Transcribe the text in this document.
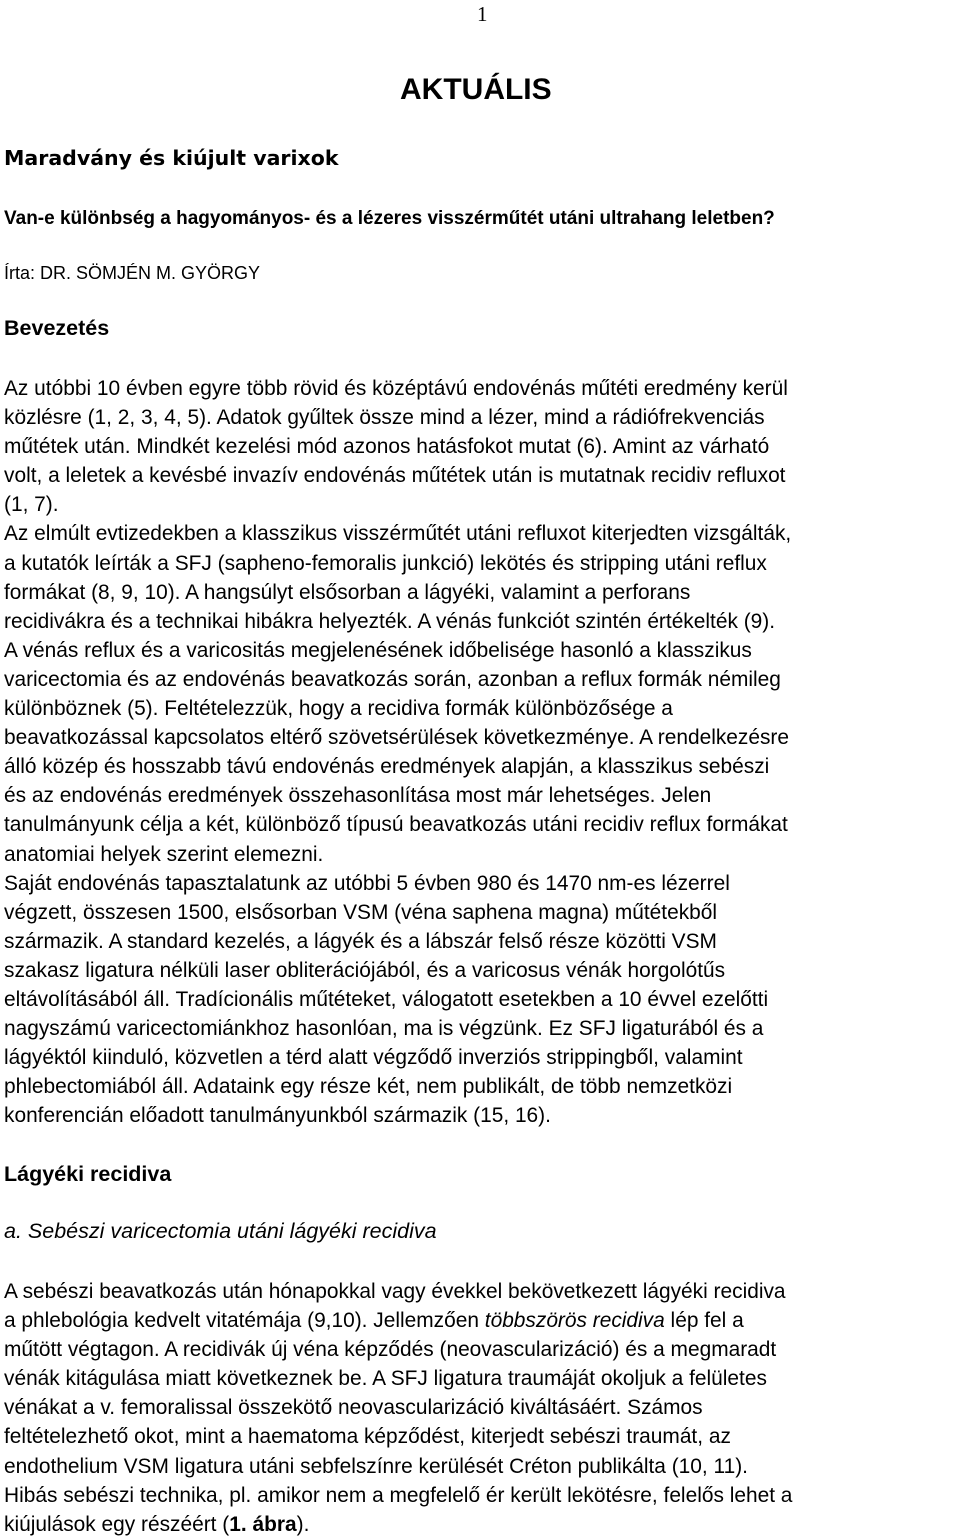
1
AKTUÁLIS
Maradvány és kiújult varixok
Van-e különbség a hagyományos- és a lézeres visszérműtét utáni ultrahang leletben?
Írta: DR. SÖMJÉN M. GYÖRGY
Bevezetés
Az utóbbi 10 évben egyre több rövid és középtávú endovénás műtéti eredmény kerül
közlésre (1, 2, 3, 4, 5). Adatok gyűltek össze mind a lézer, mind a rádiófrekvenciás
műtétek után. Mindkét kezelési mód azonos hatásfokot mutat (6). Amint az várható
volt, a leletek a kevésbé invazív endovénás műtétek után is mutatnak recidiv refluxot
(1, 7).
Az elmúlt evtizedekben a klasszikus visszérműtét utáni refluxot kiterjedten vizsgálták,
a kutatók leírták a SFJ (sapheno-femoralis junkció) lekötés és stripping utáni reflux
formákat (8, 9, 10). A hangsúlyt elsősorban a lágyéki, valamint a perforans
recidivákra és a technikai hibákra helyezték. A vénás funkciót szintén értékelték (9).
A vénás reflux és a varicositás megjelenésének időbelisége hasonló a klasszikus
varicectomia és az endovénás beavatkozás során, azonban a reflux formák némileg
különböznek (5). Feltételezzük, hogy a recidiva formák különbözősége a
beavatkozással kapcsolatos eltérő szövetsérülések következménye. A rendelkezésre
álló közép és hosszabb távú endovénás eredmények alapján, a klasszikus sebészi
és az endovénás eredmények összehasonlítása most már lehetséges. Jelen
tanulmányunk célja a két, különböző típusú beavatkozás utáni recidiv reflux formákat
anatomiai helyek szerint elemezni.
Saját endovénás tapasztalatunk az utóbbi 5 évben 980 és 1470 nm-es lézerrel
végzett, összesen 1500, elsősorban VSM (véna saphena magna) műtétekből
származik. A standard kezelés, a lágyék és a lábszár felső része közötti VSM
szakasz ligatura nélküli laser obliterációjából, és a varicosus vénák horgolótűs
eltávolításából áll. Tradícionális műtéteket, válogatott esetekben a 10 évvel ezelőtti
nagyszámú varicectomiánkhoz hasonlóan, ma is végzünk. Ez SFJ ligaturából és a
lágyéktól kiinduló, közvetlen a térd alatt végződő inverziós strippingből, valamint
phlebectomiából áll. Adataink egy része két, nem publikált, de több nemzetközi
konferencián előadott tanulmányunkból származik (15, 16).
Lágyéki recidiva
a. Sebészi varicectomia utáni lágyéki recidiva
A sebészi beavatkozás után hónapokkal vagy évekkel bekövetkezett lágyéki recidiva
a phlebológia kedvelt vitatémája (9,10). Jellemzően többszörös recidiva lép fel a
műtött végtagon. A recidivák új véna képződés (neovascularizáció) és a megmaradt
vénák kitágulása miatt következnek be. A SFJ ligatura traumáját okoljuk a felületes
vénákat a v. femoralissal összekötő neovascularizáció kiváltásáért. Számos
feltételezhető okot, mint a haematoma képződést, kiterjedt sebészi traumát, az
endothelium VSM ligatura utáni sebfelszínre kerülését Créton publikálta (10, 11).
Hibás sebészi technika, pl. amikor nem a megfelelő ér került lekötésre, felelős lehet a
kiújulások egy részéért (1. ábra).
